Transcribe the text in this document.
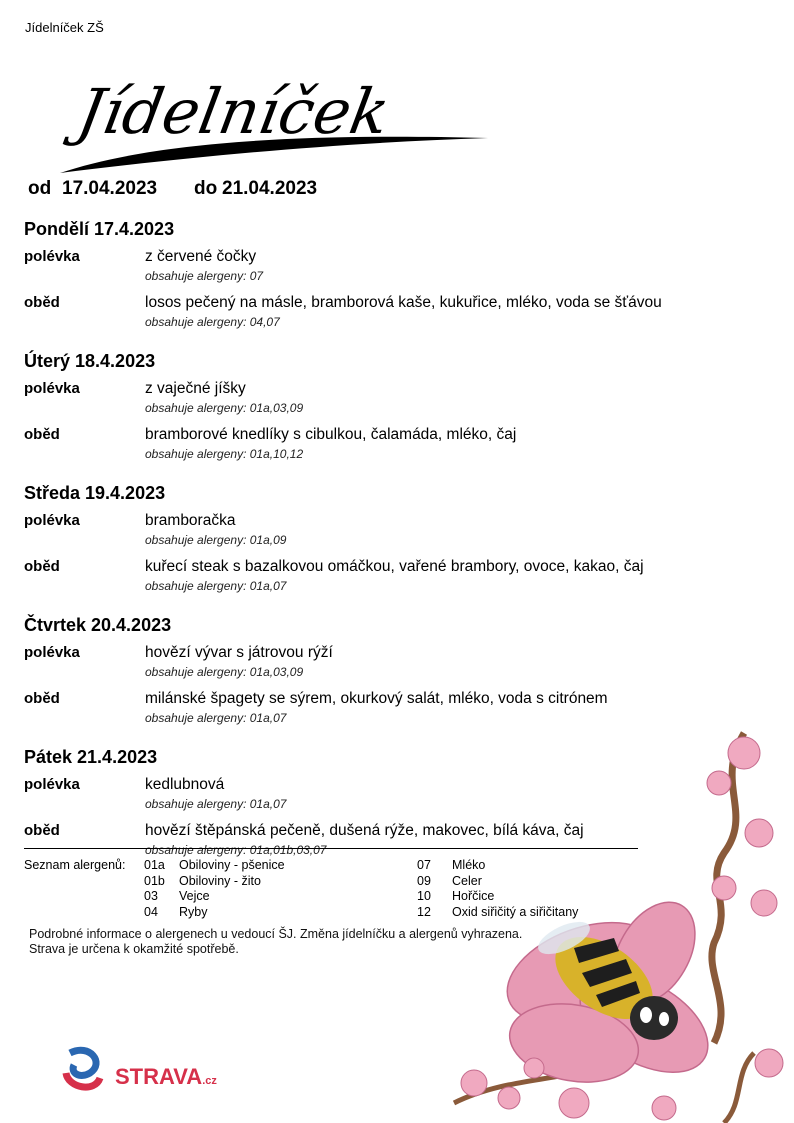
Jídelníček ZŠ
Jídelníček
od 17.04.2023 do 21.04.2023
Pondělí 17.4.2023
polévka	z červené čočky
obsahuje alergeny: 07
oběd	losos pečený na másle, bramborová kaše, kukuřice, mléko, voda se šťávou
obsahuje alergeny: 04,07
Úterý 18.4.2023
polévka	z vaječné jíšky
obsahuje alergeny: 01a,03,09
oběd	bramborové knedlíky s cibulkou, čalamáda, mléko, čaj
obsahuje alergeny: 01a,10,12
Středa 19.4.2023
polévka	bramboračka
obsahuje alergeny: 01a,09
oběd	kuřecí steak s bazalkovou omáčkou, vařené brambory, ovoce, kakao, čaj
obsahuje alergeny: 01a,07
Čtvrtek 20.4.2023
polévka	hovězí vývar s játrovou rýží
obsahuje alergeny: 01a,03,09
oběd	milánské špagety se sýrem, okurkový salát, mléko, voda s citrónem
obsahuje alergeny: 01a,07
Pátek 21.4.2023
polévka	kedlubnová
obsahuje alergeny: 01a,07
oběd	hovězí štěpánská pečeně, dušená rýže, makovec, bílá káva, čaj
obsahuje alergeny: 01a,01b,03,07
Seznam alergenů: 01a Obiloviny - pšenice
01b Obiloviny - žito
03 Vejce
04 Ryby
07 Mléko
09 Celer
10 Hořčice
12 Oxid siřičitý a siřičitany
Podrobné informace o alergenech u vedoucí ŠJ. Změna jídelníčku a alergenů vyhrazena.
Strava je určena k okamžité spotřebě.
STRAVA.cz
